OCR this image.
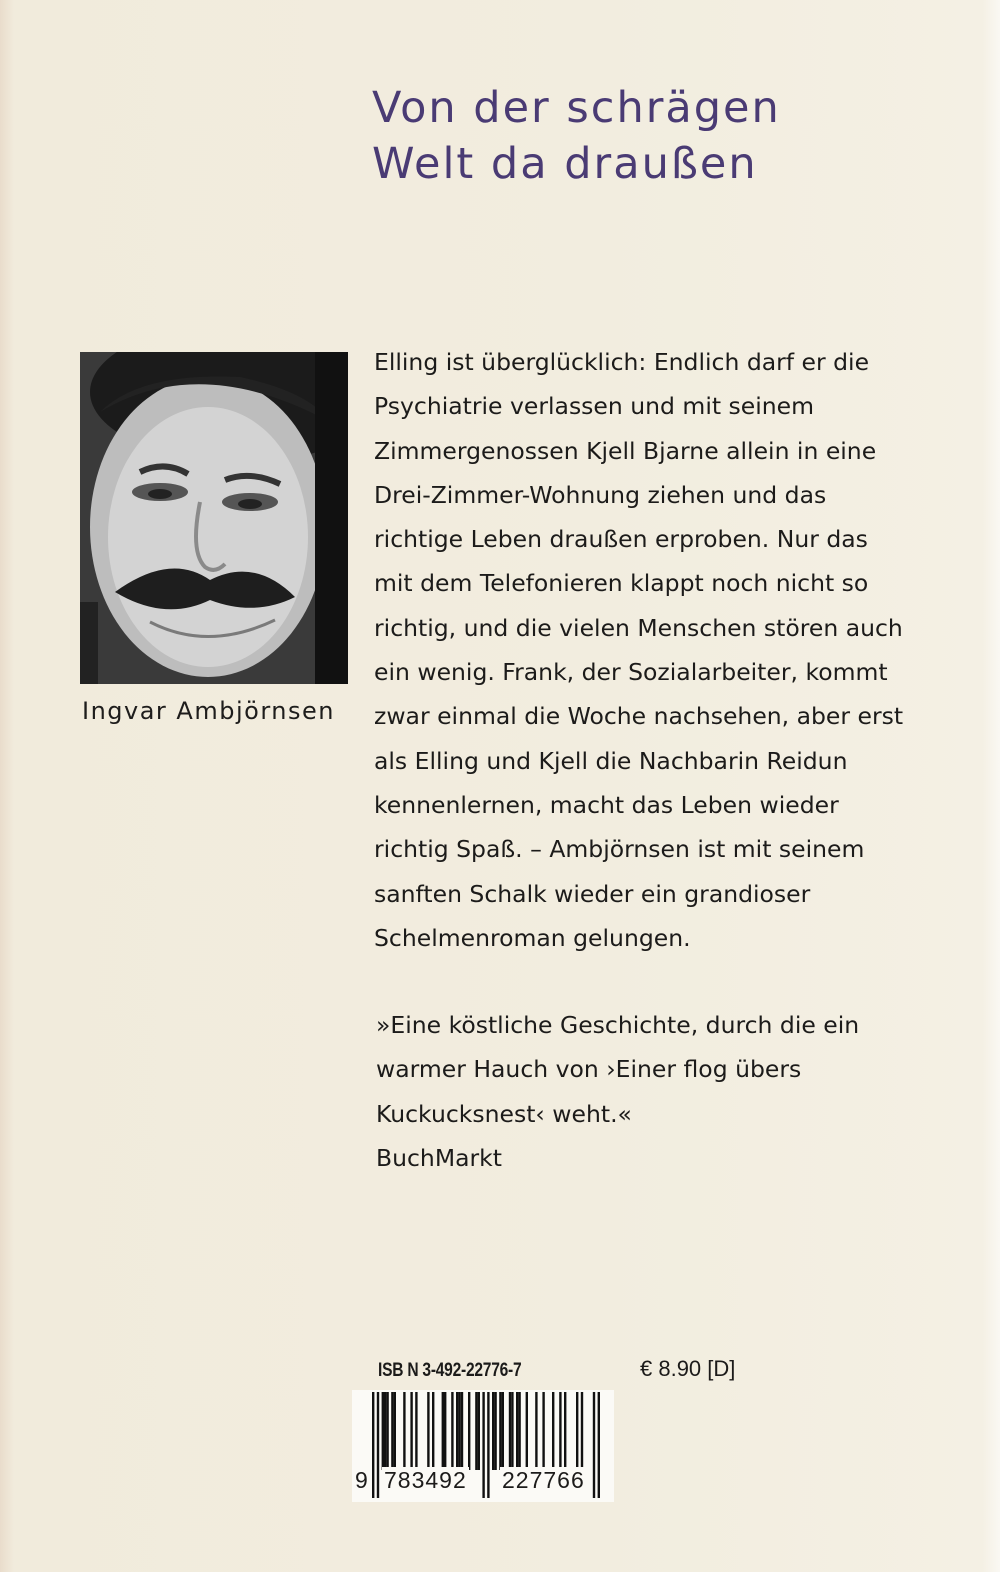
Von der schrägen
Welt da draußen
Ingvar Ambjörnsen
Elling ist überglücklich: Endlich darf er die
Psychiatrie verlassen und mit seinem
Zimmergenossen Kjell Bjarne allein in eine
Drei-Zimmer-Wohnung ziehen und das
richtige Leben draußen erproben. Nur das
mit dem Telefonieren klappt noch nicht so
richtig, und die vielen Menschen stören auch
ein wenig. Frank, der Sozialarbeiter, kommt
zwar einmal die Woche nachsehen, aber erst
als Elling und Kjell die Nachbarin Reidun
kennenlernen, macht das Leben wieder
richtig Spaß. – Ambjörnsen ist mit seinem
sanften Schalk wieder ein grandioser
Schelmenroman gelungen.
»Eine köstliche Geschichte, durch die ein
warmer Hauch von ›Einer flog übers
Kuckucksnest‹ weht.«
BuchMarkt
ISB N 3-492-22776-7	€ 8.90 [D]
9 783492 227766
